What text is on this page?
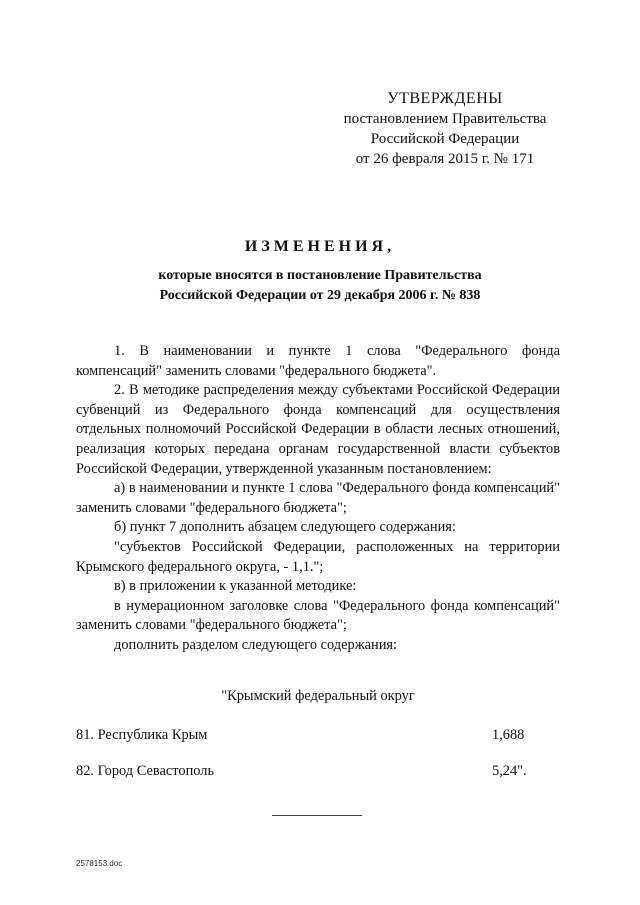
УТВЕРЖДЕНЫ
постановлением Правительства
Российской Федерации
от 26 февраля 2015 г. № 171
ИЗМЕНЕНИЯ,
которые вносятся в постановление Правительства
Российской Федерации от 29 декабря 2006 г. № 838

1. В наименовании и пункте 1 слова "Федерального фонда компенсаций" заменить словами "федерального бюджета".

2. В методике распределения между субъектами Российской Федерации субвенций из Федерального фонда компенсаций для осуществления отдельных полномочий Российской Федерации в области лесных отношений, реализация которых передана органам государственной власти субъектов Российской Федерации, утвержденной указанным постановлением:

а) в наименовании и пункте 1 слова "Федерального фонда компенсаций" заменить словами "федерального бюджета";

б) пункт 7 дополнить абзацем следующего содержания:

"субъектов Российской Федерации, расположенных на территории Крымского федерального округа, - 1,1.";

в) в приложении к указанной методике:

в нумерационном заголовке слова "Федерального фонда компенсаций" заменить словами "федерального бюджета";

дополнить разделом следующего содержания:

"Крымский федеральный округ
81. Республика Крым	1,688
82. Город Севастополь	5,24".
2578153.doc
